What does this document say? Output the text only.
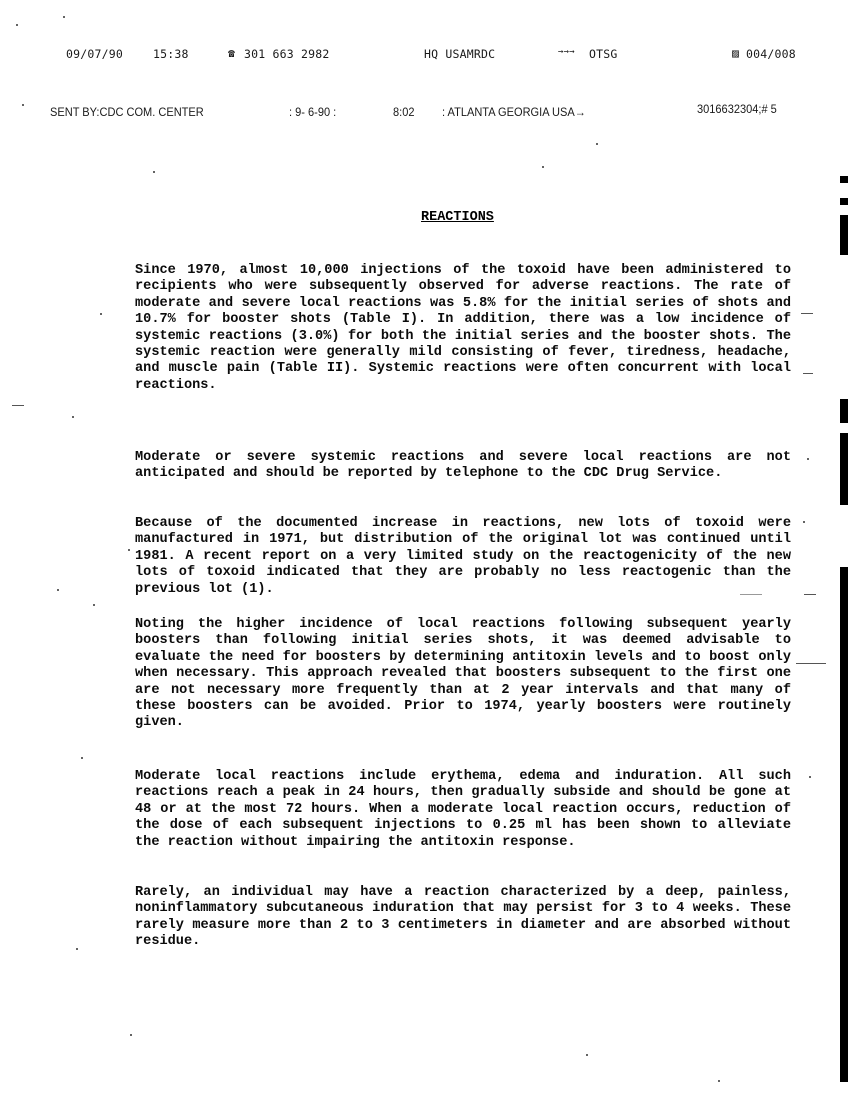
09/07/90	15:38	☎ 301 663 2982	HQ USAMRDC	→→→ OTSG	▨ 004/008
SENT BY:CDC COM. CENTER	: 9- 6-90 :	8:02 : ATLANTA GEORGIA USA→	3016632304;# 5
REACTIONS

Since 1970, almost 10,000 injections of the toxoid have been administered to recipients who were subsequently observed for adverse reactions. The rate of moderate and severe local reactions was 5.8% for the initial series of shots and 10.7% for booster shots (Table I). In addition, there was a low incidence of systemic reactions (3.0%) for both the initial series and the booster shots. The systemic reaction were generally mild consisting of fever, tiredness, headache, and muscle pain (Table II). Systemic reactions were often concurrent with local reactions.

Moderate or severe systemic reactions and severe local reactions are not anticipated and should be reported by telephone to the CDC Drug Service.

Because of the documented increase in reactions, new lots of toxoid were manufactured in 1971, but distribution of the original lot was continued until 1981. A recent report on a very limited study on the reactogenicity of the new lots of toxoid indicated that they are probably no less reactogenic than the previous lot (1).

Noting the higher incidence of local reactions following subsequent yearly boosters than following initial series shots, it was deemed advisable to evaluate the need for boosters by determining antitoxin levels and to boost only when necessary. This approach revealed that boosters subsequent to the first one are not necessary more frequently than at 2 year intervals and that many of these boosters can be avoided. Prior to 1974, yearly boosters were routinely given.

Moderate local reactions include erythema, edema and induration. All such reactions reach a peak in 24 hours, then gradually subside and should be gone at 48 or at the most 72 hours. When a moderate local reaction occurs, reduction of the dose of each subsequent injections to 0.25 ml has been shown to alleviate the reaction without impairing the antitoxin response.

Rarely, an individual may have a reaction characterized by a deep, painless, noninflammatory subcutaneous induration that may persist for 3 to 4 weeks. These rarely measure more than 2 to 3 centimeters in diameter and are absorbed without residue.
